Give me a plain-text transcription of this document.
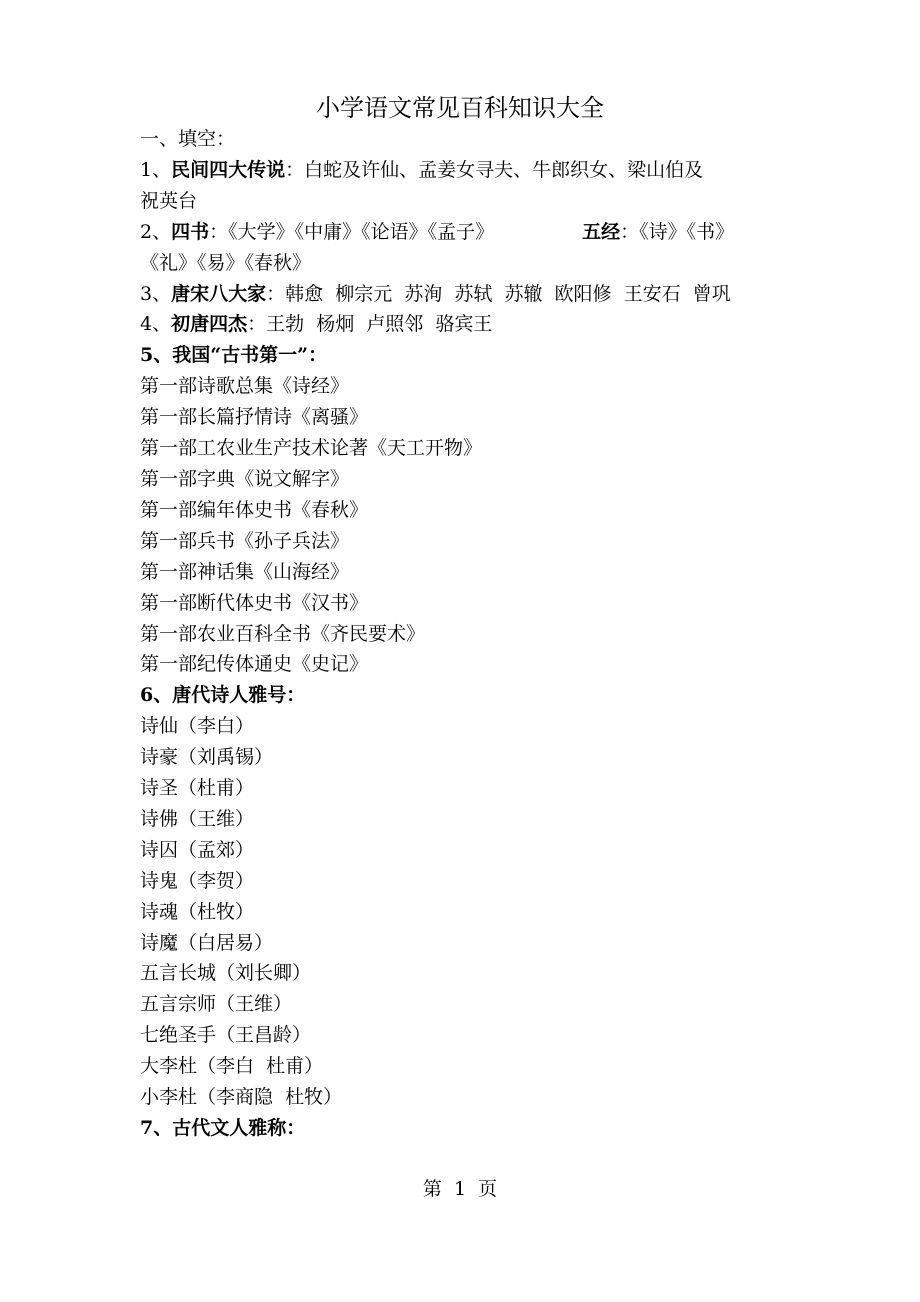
小学语文常见百科知识大全
一、填空：
1、民间四大传说：白蛇及许仙、孟姜女寻夫、牛郎织女、梁山伯及
祝英台
2、四书：《大学》《中庸》《论语》《孟子》	五经：《诗》《书》
《礼》《易》《春秋》
3、唐宋八大家：韩愈  柳宗元  苏洵  苏轼  苏辙  欧阳修  王安石  曾巩
4、初唐四杰：王勃  杨炯  卢照邻  骆宾王
5、我国“古书第一”：
第一部诗歌总集《诗经》
第一部长篇抒情诗《离骚》
第一部工农业生产技术论著《天工开物》
第一部字典《说文解字》
第一部编年体史书《春秋》
第一部兵书《孙子兵法》
第一部神话集《山海经》
第一部断代体史书《汉书》
第一部农业百科全书《齐民要术》
第一部纪传体通史《史记》
6、唐代诗人雅号：
诗仙（李白）
诗豪（刘禹锡）
诗圣（杜甫）
诗佛（王维）
诗囚（孟郊）
诗鬼（李贺）
诗魂（杜牧）
诗魔（白居易）
五言长城（刘长卿）
五言宗师（王维）
七绝圣手（王昌龄）
大李杜（李白  杜甫）
小李杜（李商隐  杜牧）
7、古代文人雅称：
第  1  页
